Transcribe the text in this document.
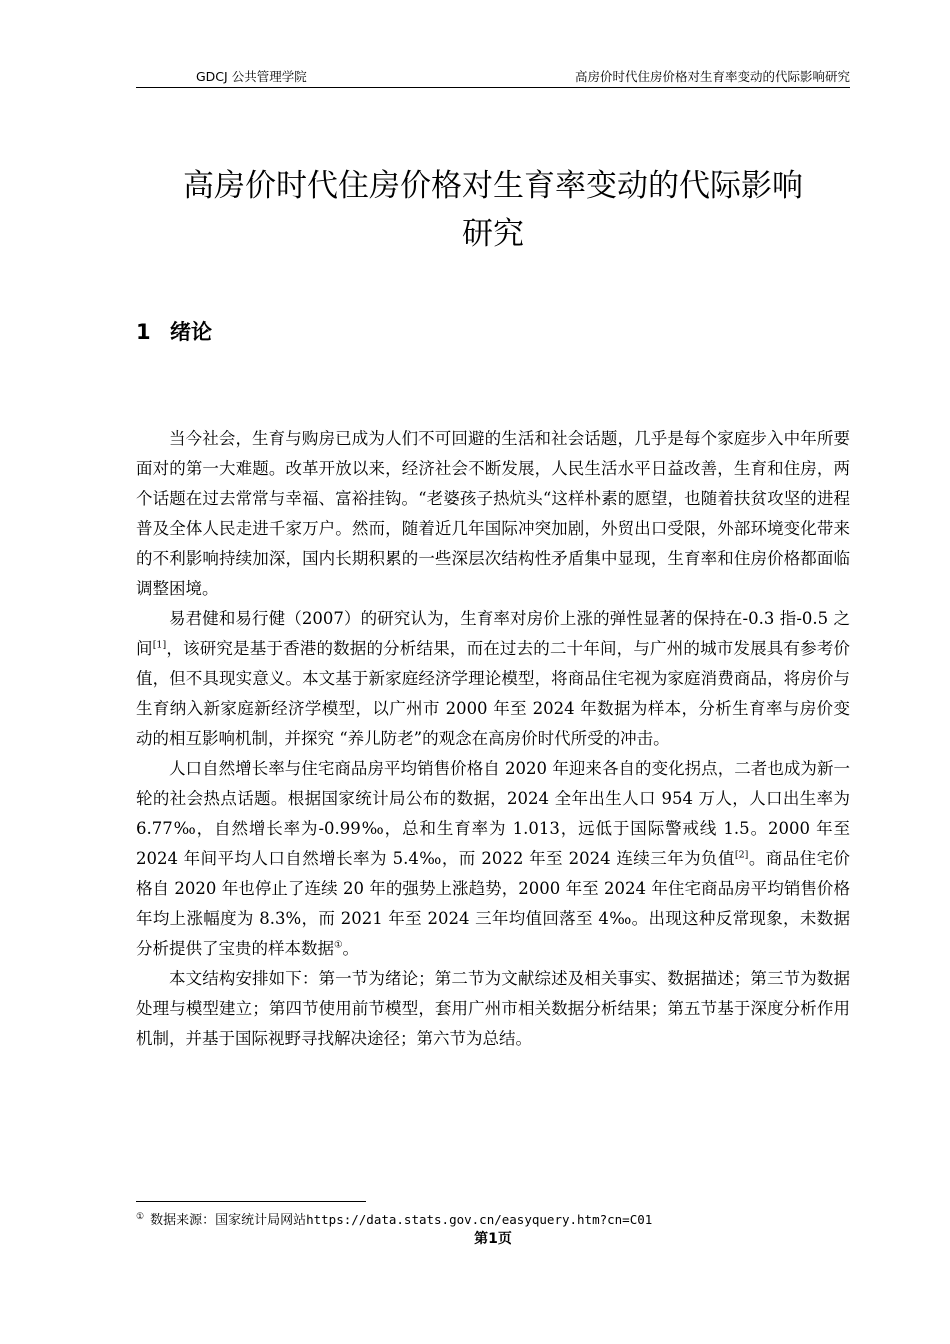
GDCJ 公共管理学院	高房价时代住房价格对生育率变动的代际影响研究
高房价时代住房价格对生育率变动的代际影响
研究
1 绪论

当今社会，生育与购房已成为人们不可回避的生活和社会话题，几乎是每个家庭步入中年所要面对的第一大难题。改革开放以来，经济社会不断发展，人民生活水平日益改善，生育和住房，两个话题在过去常常与幸福、富裕挂钩。“老婆孩子热炕头“这样朴素的愿望，也随着扶贫攻坚的进程普及全体人民走进千家万户。然而，随着近几年国际冲突加剧，外贸出口受限，外部环境变化带来的不利影响持续加深，国内长期积累的一些深层次结构性矛盾集中显现，生育率和住房价格都面临调整困境。

易君健和易行健（2007）的研究认为，生育率对房价上涨的弹性显著的保持在-0.3 指-0.5 之间[1]，该研究是基于香港的数据的分析结果，而在过去的二十年间，与广州的城市发展具有参考价值，但不具现实意义。本文基于新家庭经济学理论模型，将商品住宅视为家庭消费商品，将房价与生育纳入新家庭新经济学模型，以广州市 2000 年至 2024 年数据为样本，分析生育率与房价变动的相互影响机制，并探究 “养儿防老”的观念在高房价时代所受的冲击。

人口自然增长率与住宅商品房平均销售价格自 2020 年迎来各自的变化拐点，二者也成为新一轮的社会热点话题。根据国家统计局公布的数据，2024 全年出生人口 954 万人，人口出生率为 6.77‰，自然增长率为-0.99‰，总和生育率为 1.013，远低于国际警戒线 1.5。2000 年至 2024 年间平均人口自然增长率为 5.4‰，而 2022 年至 2024 连续三年为负值[2]。商品住宅价格自 2020 年也停止了连续 20 年的强势上涨趋势，2000 年至 2024 年住宅商品房平均销售价格年均上涨幅度为 8.3%，而 2021 年至 2024 三年均值回落至 4‰。出现这种反常现象，未数据分析提供了宝贵的样本数据①。

本文结构安排如下：第一节为绪论；第二节为文献综述及相关事实、数据描述；第三节为数据处理与模型建立；第四节使用前节模型，套用广州市相关数据分析结果；第五节基于深度分析作用机制，并基于国际视野寻找解决途径；第六节为总结。

① 数据来源：国家统计局网站https://data.stats.gov.cn/easyquery.htm?cn=C01
第1页
